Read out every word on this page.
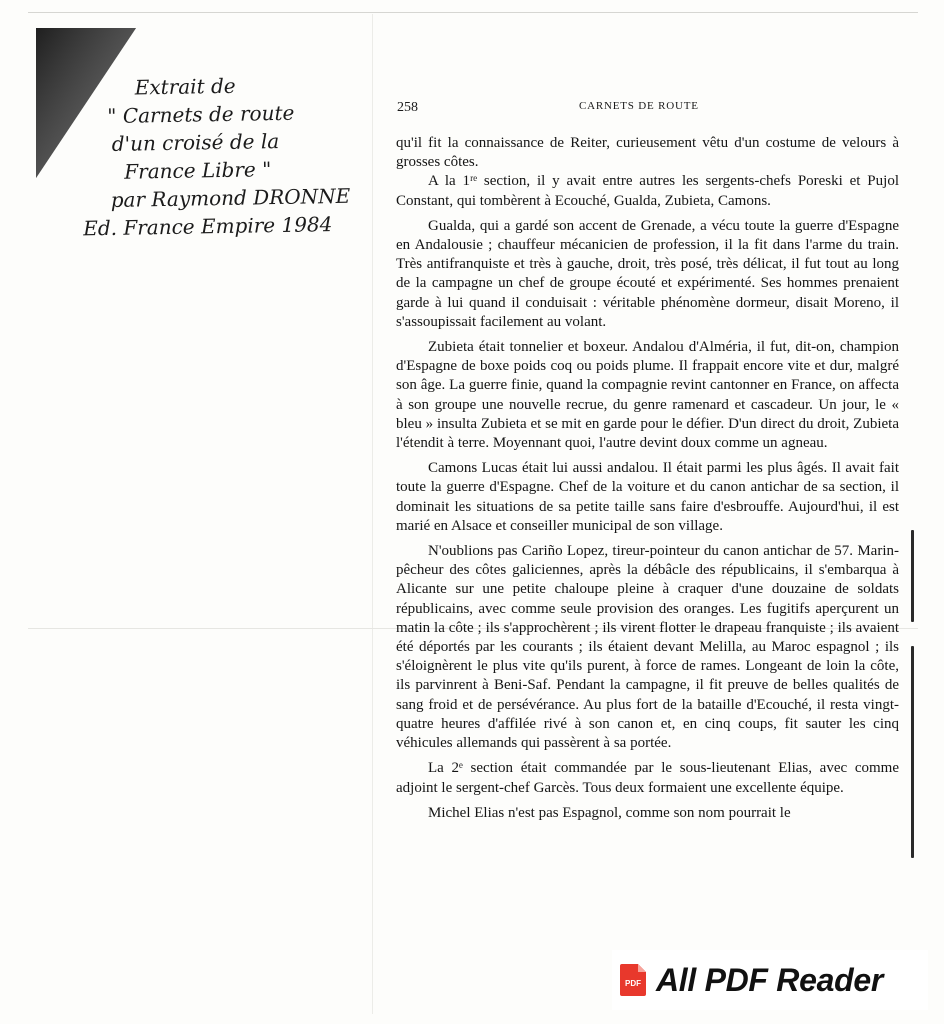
Extrait de
" Carnets de route
d'un croisé de la
France Libre "
par Raymond DRONNE
Ed. France Empire 1984
258	CARNETS DE ROUTE

qu'il fit la connaissance de Reiter, curieusement vêtu d'un costume de velours à grosses côtes.

A la 1ʳᵉ section, il y avait entre autres les sergents-chefs Poreski et Pujol Constant, qui tombèrent à Ecouché, Gualda, Zubieta, Camons.

Gualda, qui a gardé son accent de Grenade, a vécu toute la guerre d'Espagne en Andalousie ; chauffeur mécanicien de profession, il la fit dans l'arme du train. Très antifranquiste et très à gauche, droit, très posé, très délicat, il fut tout au long de la campagne un chef de groupe écouté et expérimenté. Ses hommes prenaient garde à lui quand il conduisait : véritable phénomène dormeur, disait Moreno, il s'assoupissait facilement au volant.

Zubieta était tonnelier et boxeur. Andalou d'Alméria, il fut, dit-on, champion d'Espagne de boxe poids coq ou poids plume. Il frappait encore vite et dur, malgré son âge. La guerre finie, quand la compagnie revint cantonner en France, on affecta à son groupe une nouvelle recrue, du genre ramenard et cascadeur. Un jour, le « bleu » insulta Zubieta et se mit en garde pour le défier. D'un direct du droit, Zubieta l'étendit à terre. Moyennant quoi, l'autre devint doux comme un agneau.

Camons Lucas était lui aussi andalou. Il était parmi les plus âgés. Il avait fait toute la guerre d'Espagne. Chef de la voiture et du canon antichar de sa section, il dominait les situations de sa petite taille sans faire d'esbrouffe. Aujourd'hui, il est marié en Alsace et conseiller municipal de son village.

N'oublions pas Cariño Lopez, tireur-pointeur du canon antichar de 57. Marin-pêcheur des côtes galiciennes, après la débâcle des républicains, il s'embarqua à Alicante sur une petite chaloupe pleine à craquer d'une douzaine de soldats républicains, avec comme seule provision des oranges. Les fugitifs aperçurent un matin la côte ; ils s'approchèrent ; ils virent flotter le drapeau franquiste ; ils avaient été déportés par les courants ; ils étaient devant Melilla, au Maroc espagnol ; ils s'éloignèrent le plus vite qu'ils purent, à force de rames. Longeant de loin la côte, ils parvinrent à Beni-Saf. Pendant la campagne, il fit preuve de belles qualités de sang froid et de persévérance. Au plus fort de la bataille d'Ecouché, il resta vingt-quatre heures d'affilée rivé à son canon et, en cinq coups, fit sauter les cinq véhicules allemands qui passèrent à sa portée.

La 2ᵉ section était commandée par le sous-lieutenant Elias, avec comme adjoint le sergent-chef Garcès. Tous deux formaient une excellente équipe.

Michel Elias n'est pas Espagnol, comme son nom pourrait le

PDF All PDF Reader
